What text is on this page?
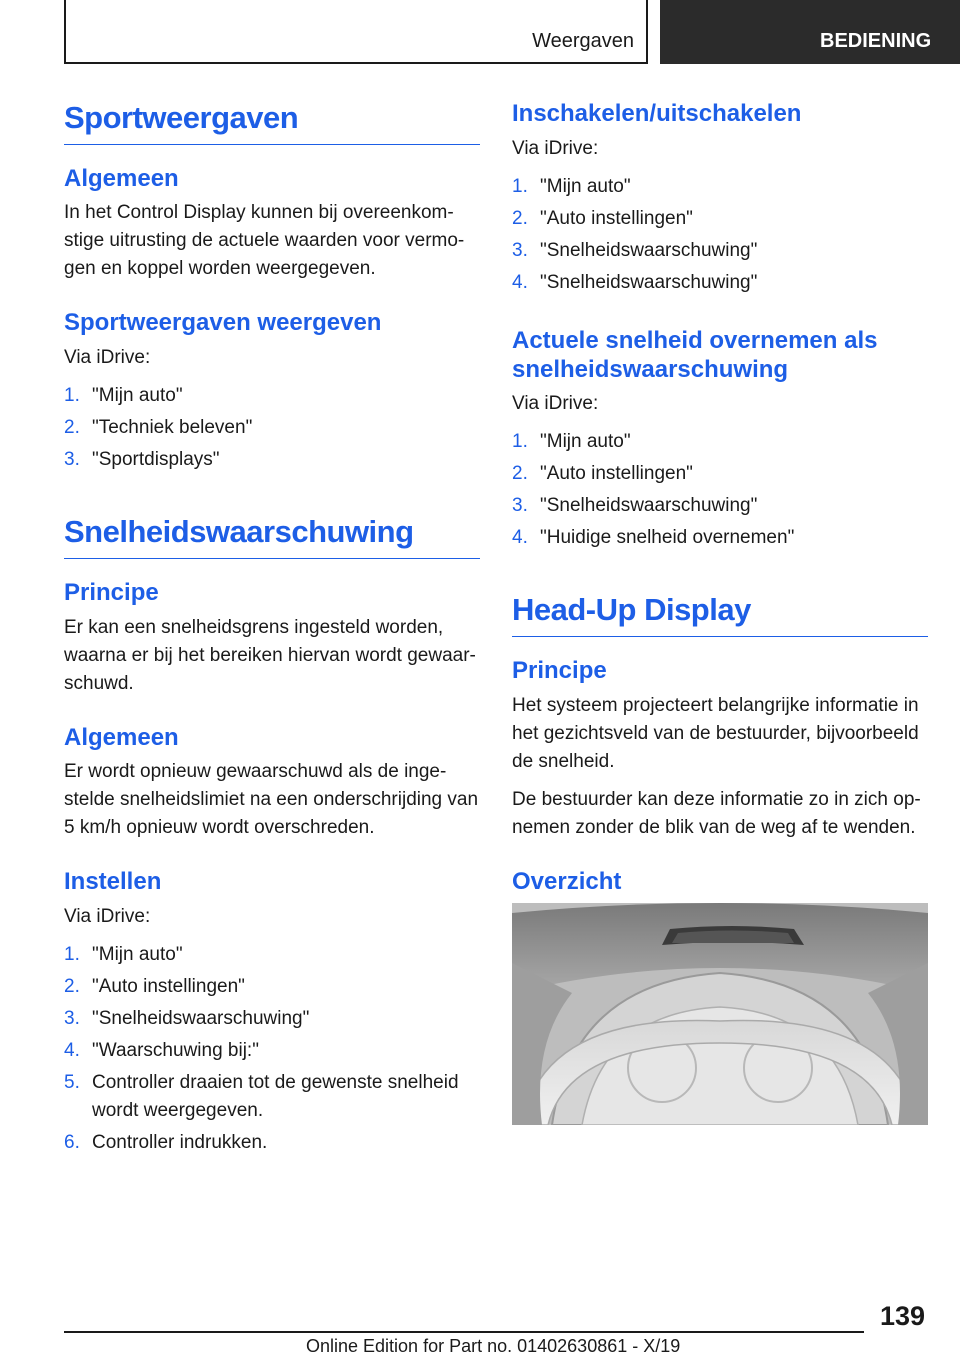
Weergaven	BEDIENING
Sportweergaven
Algemeen
In het Control Display kunnen bij overeenkom-stige uitrusting de actuele waarden voor vermo-gen en koppel worden weergegeven.
Sportweergaven weergeven
Via iDrive:
1. "Mijn auto"
2. "Techniek beleven"
3. "Sportdisplays"
Snelheidswaarschuwing
Principe
Er kan een snelheidsgrens ingesteld worden, waarna er bij het bereiken hiervan wordt gewaar-schuwd.
Algemeen
Er wordt opnieuw gewaarschuwd als de inge-stelde snelheidslimiet na een onderschrijding van 5 km/h opnieuw wordt overschreden.
Instellen
Via iDrive:
1. "Mijn auto"
2. "Auto instellingen"
3. "Snelheidswaarschuwing"
4. "Waarschuwing bij:"
5. Controller draaien tot de gewenste snelheid wordt weergegeven.
6. Controller indrukken.
Inschakelen/uitschakelen
Via iDrive:
1. "Mijn auto"
2. "Auto instellingen"
3. "Snelheidswaarschuwing"
4. "Snelheidswaarschuwing"
Actuele snelheid overnemen als snelheidswaarschuwing
Via iDrive:
1. "Mijn auto"
2. "Auto instellingen"
3. "Snelheidswaarschuwing"
4. "Huidige snelheid overnemen"
Head-Up Display
Principe
Het systeem projecteert belangrijke informatie in het gezichtsveld van de bestuurder, bijvoorbeeld de snelheid.
De bestuurder kan deze informatie zo in zich op-nemen zonder de blik van de weg af te wenden.
Overzicht
139
Online Edition for Part no. 01402630861 - X/19
